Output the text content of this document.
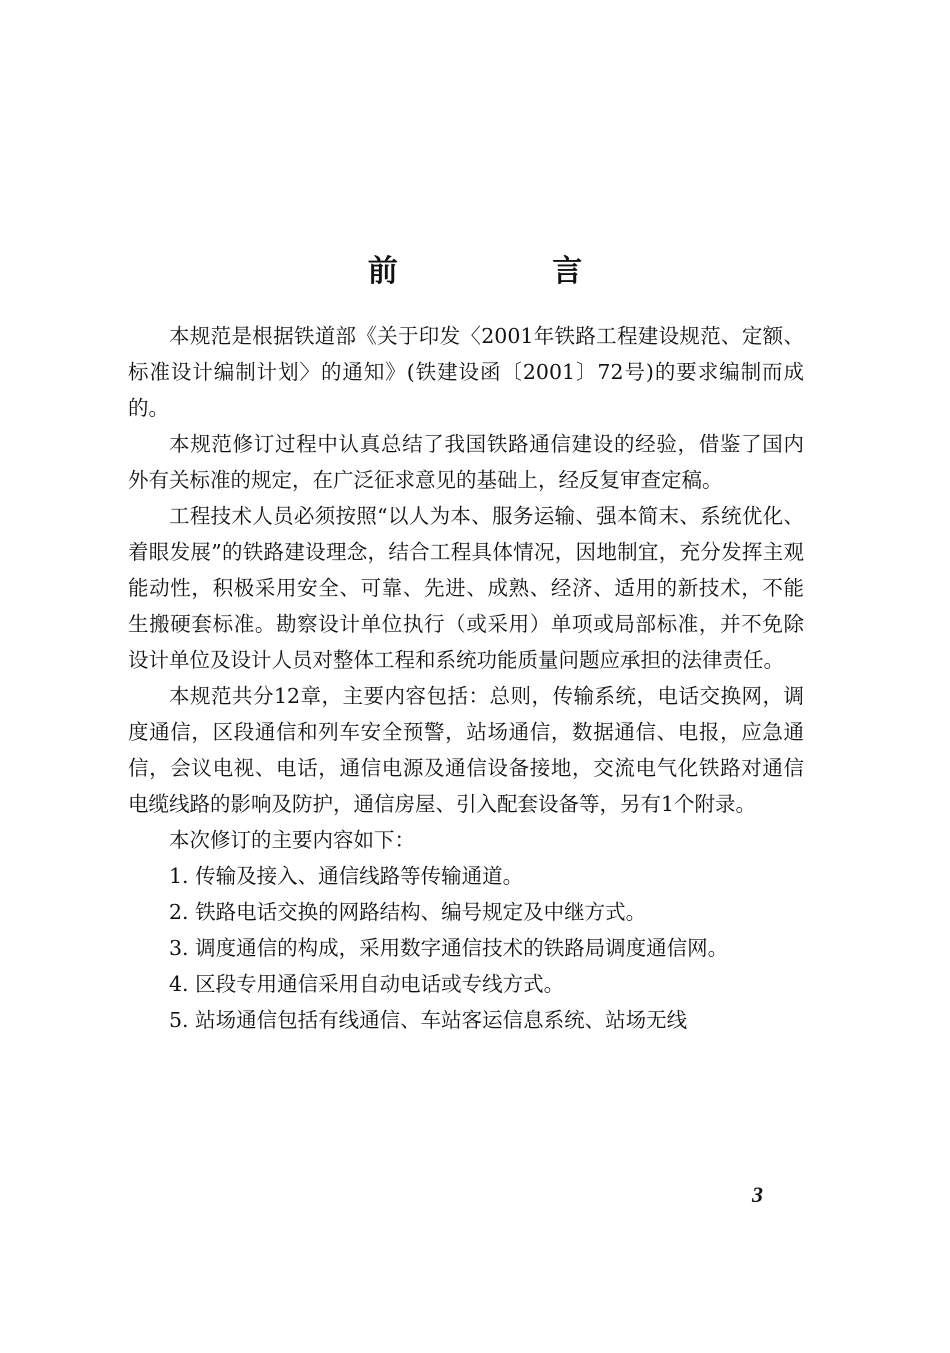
前 言

本规范是根据铁道部《关于印发〈2001年铁路工程建设规范、定额、标准设计编制计划〉的通知》(铁建设函〔2001〕72号)的要求编制而成的。

本规范修订过程中认真总结了我国铁路通信建设的经验，借鉴了国内外有关标准的规定，在广泛征求意见的基础上，经反复审查定稿。

工程技术人员必须按照“以人为本、服务运输、强本简末、系统优化、着眼发展”的铁路建设理念，结合工程具体情况，因地制宜，充分发挥主观能动性，积极采用安全、可靠、先进、成熟、经济、适用的新技术，不能生搬硬套标准。勘察设计单位执行（或采用）单项或局部标准，并不免除设计单位及设计人员对整体工程和系统功能质量问题应承担的法律责任。

本规范共分12章，主要内容包括：总则，传输系统，电话交换网，调度通信，区段通信和列车安全预警，站场通信，数据通信、电报，应急通信，会议电视、电话，通信电源及通信设备接地，交流电气化铁路对通信电缆线路的影响及防护，通信房屋、引入配套设备等，另有1个附录。

本次修订的主要内容如下：

1. 传输及接入、通信线路等传输通道。

2. 铁路电话交换的网路结构、编号规定及中继方式。

3. 调度通信的构成，采用数字通信技术的铁路局调度通信网。

4. 区段专用通信采用自动电话或专线方式。

5. 站场通信包括有线通信、车站客运信息系统、站场无线

3
